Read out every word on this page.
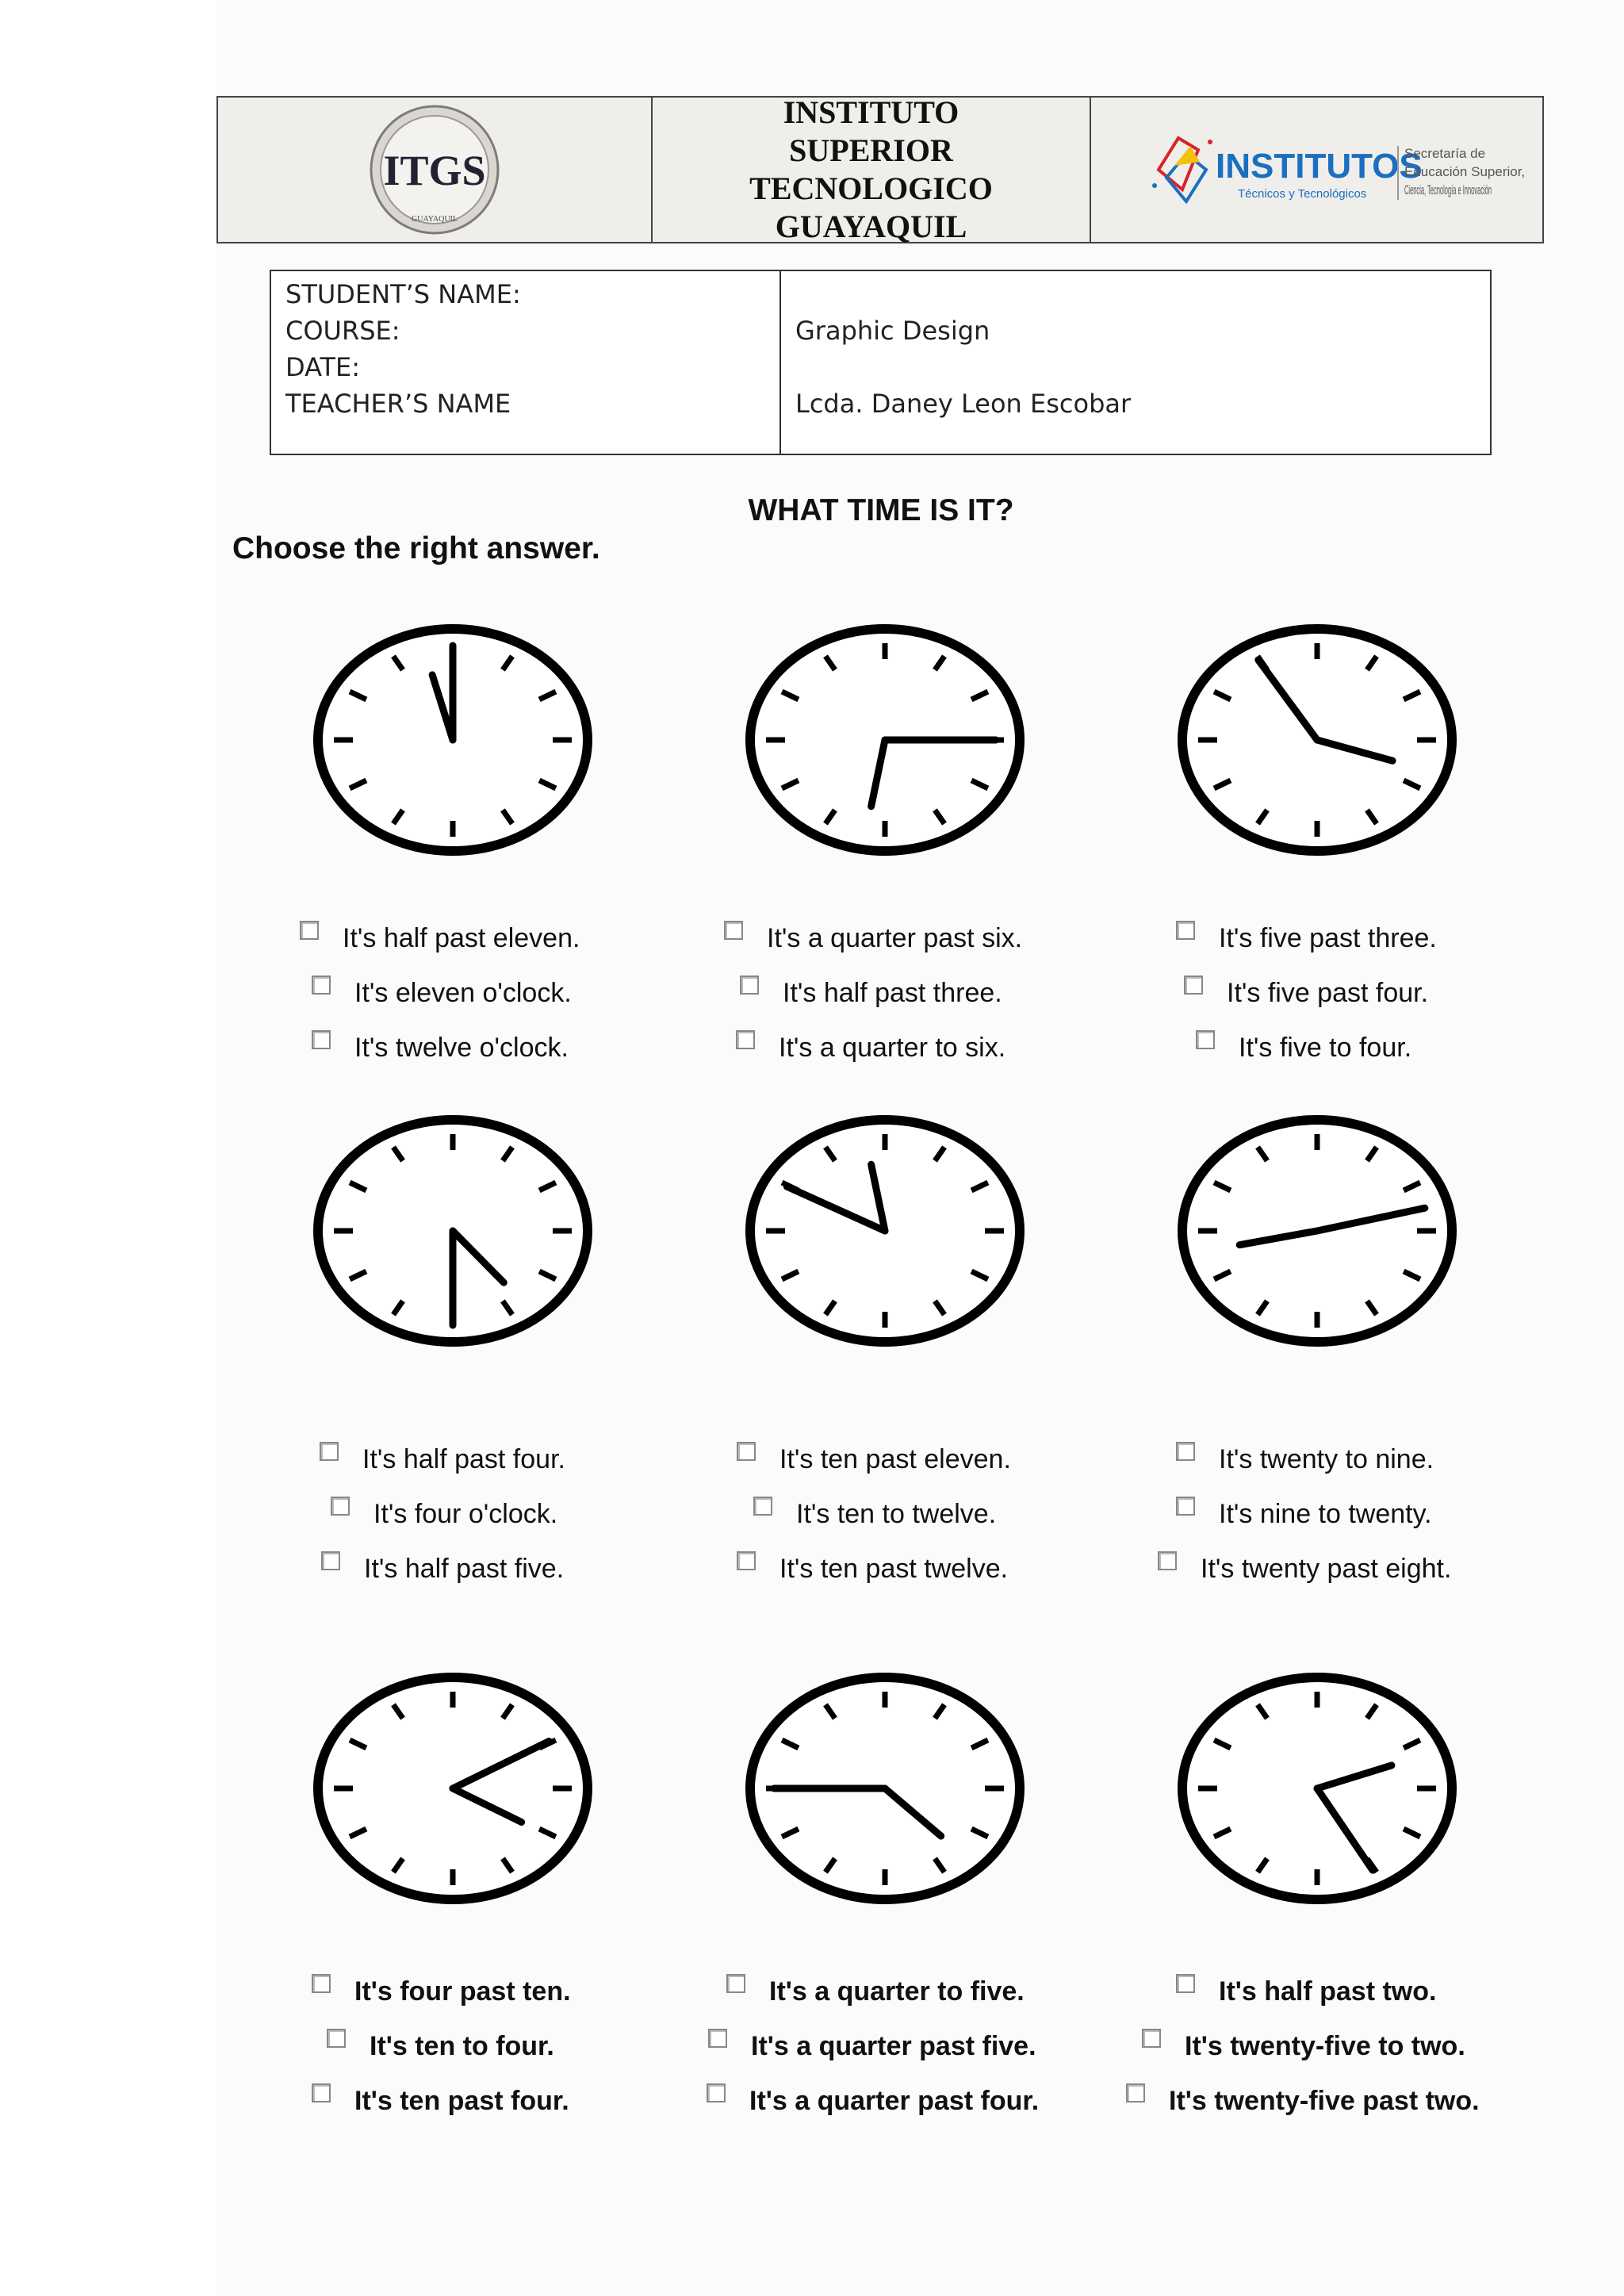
ITGS
GUAYAQUIL
INSTITUTO SUPERIOR
TECNOLOGICO
GUAYAQUIL
INSTITUTOS
Técnicos y Tecnológicos
Secretaría de
Educación Superior,
Ciencia, Tecnología e Innovación
STUDENT’S NAME:
COURSE:
DATE:
TEACHER’S NAME
Graphic Design
Lcda. Daney Leon Escobar
WHAT TIME IS IT?
Choose the right answer.
It's half past eleven.
It's eleven o'clock.
It's twelve o'clock.
It's a quarter past six.
It's half past three.
It's a quarter to six.
It's five past three.
It's five past four.
It's five to four.
It's half past four.
It's four o'clock.
It's half past five.
It's ten past eleven.
It's ten to twelve.
It's ten past twelve.
It's twenty to nine.
It's nine to twenty.
It's twenty past eight.
It's four past ten.
It's ten to four.
It's ten past four.
It's a quarter to five.
It's a quarter past five.
It's a quarter past four.
It's half past two.
It's twenty-five to two.
It's twenty-five past two.
